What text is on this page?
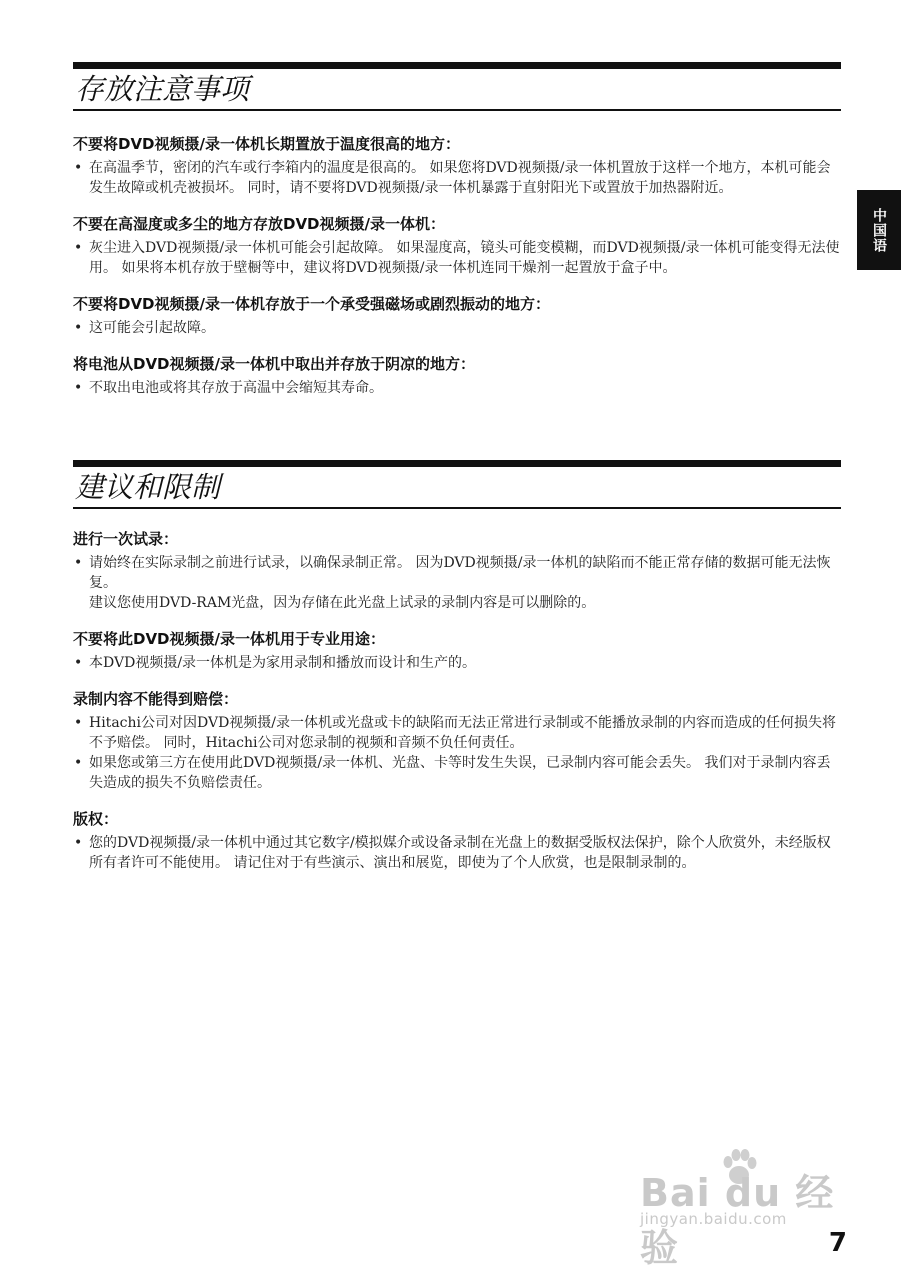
存放注意事项
不要将DVD视频摄/录一体机长期置放于温度很高的地方：
• 在高温季节，密闭的汽车或行李箱内的温度是很高的。 如果您将DVD视频摄/录一体机置放于这样一个地方，本机可能会发生故障或机壳被损坏。 同时，请不要将DVD视频摄/录一体机暴露于直射阳光下或置放于加热器附近。
不要在高湿度或多尘的地方存放DVD视频摄/录一体机：
• 灰尘进入DVD视频摄/录一体机可能会引起故障。 如果湿度高，镜头可能变模糊，而DVD视频摄/录一体机可能变得无法使用。 如果将本机存放于壁橱等中，建议将DVD视频摄/录一体机连同干燥剂一起置放于盒子中。
不要将DVD视频摄/录一体机存放于一个承受强磁场或剧烈振动的地方：
• 这可能会引起故障。
将电池从DVD视频摄/录一体机中取出并存放于阴凉的地方：
• 不取出电池或将其存放于高温中会缩短其寿命。
建议和限制
进行一次试录：
• 请始终在实际录制之前进行试录，以确保录制正常。 因为DVD视频摄/录一体机的缺陷而不能正常存储的数据可能无法恢复。
建议您使用DVD-RAM光盘，因为存储在此光盘上试录的录制内容是可以删除的。
不要将此DVD视频摄/录一体机用于专业用途：
• 本DVD视频摄/录一体机是为家用录制和播放而设计和生产的。
录制内容不能得到赔偿：
• Hitachi公司对因DVD视频摄/录一体机或光盘或卡的缺陷而无法正常进行录制或不能播放录制的内容而造成的任何损失将不予赔偿。 同时，Hitachi公司对您录制的视频和音频不负任何责任。
• 如果您或第三方在使用此DVD视频摄/录一体机、光盘、卡等时发生失误，已录制内容可能会丢失。 我们对于录制内容丢失造成的损失不负赔偿责任。
版权：
• 您的DVD视频摄/录一体机中通过其它数字/模拟媒介或设备录制在光盘上的数据受版权法保护，除个人欣赏外，未经版权所有者许可不能使用。 请记住对于有些演示、演出和展览，即使为了个人欣赏，也是限制录制的。
中国语
Bai du 经验
jingyan.baidu.com
7
